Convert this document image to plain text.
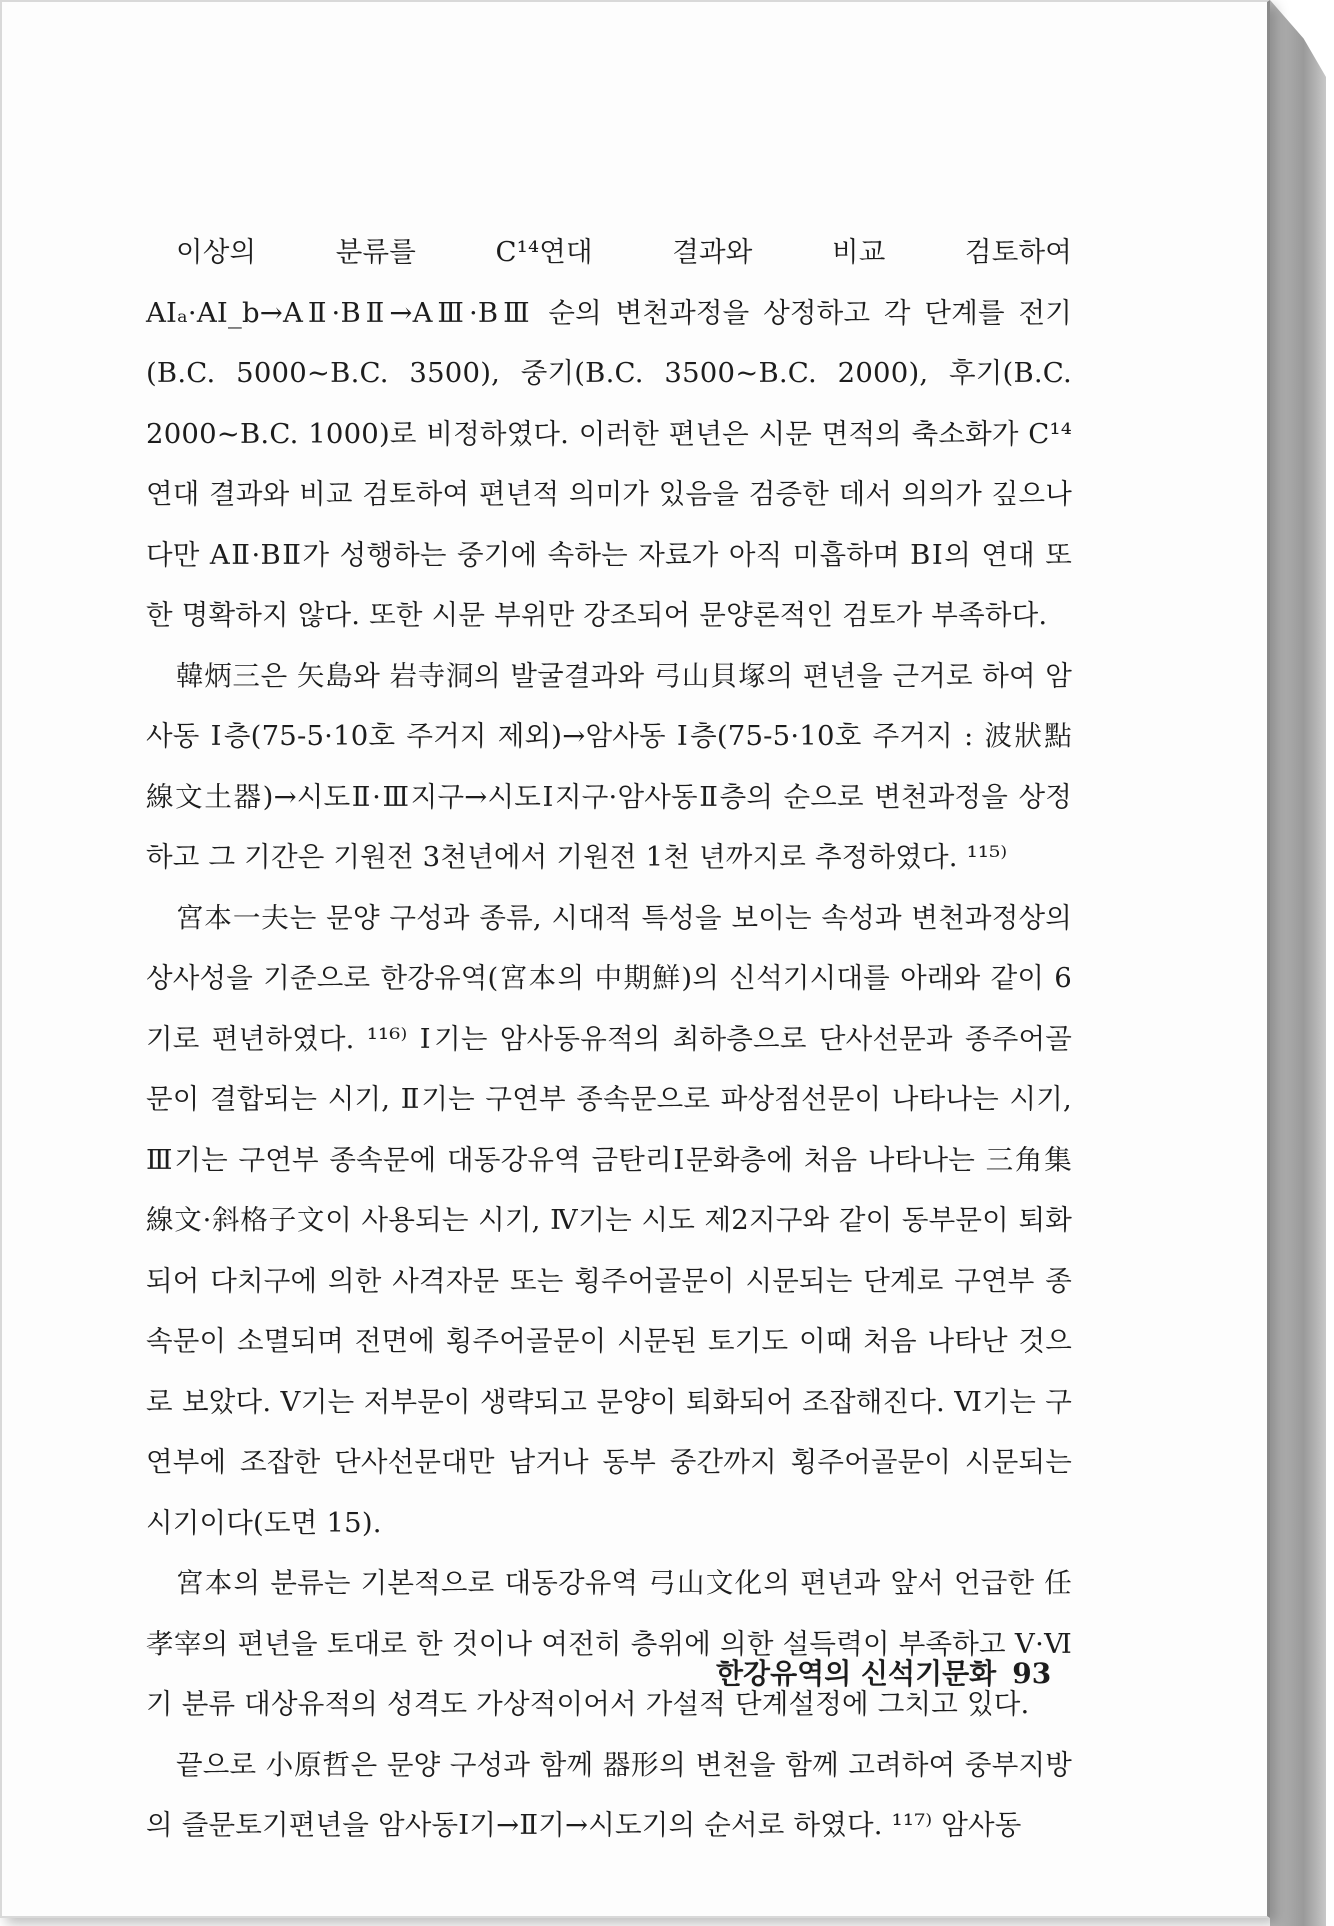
이상의 분류를 C¹⁴연대 결과와 비교 검토하여 AIₐ·AI_b→AⅡ·BⅡ→AⅢ·BⅢ 순의 변천과정을 상정하고 각 단계를 전기(B.C. 5000~B.C. 3500), 중기(B.C. 3500~B.C. 2000), 후기(B.C. 2000~B.C. 1000)로 비정하였다. 이러한 편년은 시문 면적의 축소화가 C¹⁴연대 결과와 비교 검토하여 편년적 의미가 있음을 검증한 데서 의의가 깊으나 다만 AⅡ·BⅡ가 성행하는 중기에 속하는 자료가 아직 미흡하며 BⅠ의 연대 또한 명확하지 않다. 또한 시문 부위만 강조되어 문양론적인 검토가 부족하다.

韓炳三은 矢島와 岩寺洞의 발굴결과와 弓山貝塚의 편년을 근거로 하여 암사동 Ⅰ층(75-5·10호 주거지 제외)→암사동 Ⅰ층(75-5·10호 주거지 : 波狀點線文土器)→시도Ⅱ·Ⅲ지구→시도Ⅰ지구·암사동Ⅱ층의 순으로 변천과정을 상정하고 그 기간은 기원전 3천년에서 기원전 1천 년까지로 추정하였다. ¹¹⁵⁾

宮本一夫는 문양 구성과 종류, 시대적 특성을 보이는 속성과 변천과정상의 상사성을 기준으로 한강유역(宮本의 中期鮮)의 신석기시대를 아래와 같이 6기로 편년하였다. ¹¹⁶⁾ Ⅰ기는 암사동유적의 최하층으로 단사선문과 종주어골문이 결합되는 시기, Ⅱ기는 구연부 종속문으로 파상점선문이 나타나는 시기, Ⅲ기는 구연부 종속문에 대동강유역 금탄리Ⅰ문화층에 처음 나타나는 三角集線文·斜格子文이 사용되는 시기, Ⅳ기는 시도 제2지구와 같이 동부문이 퇴화되어 다치구에 의한 사격자문 또는 횡주어골문이 시문되는 단계로 구연부 종속문이 소멸되며 전면에 횡주어골문이 시문된 토기도 이때 처음 나타난 것으로 보았다. Ⅴ기는 저부문이 생략되고 문양이 퇴화되어 조잡해진다. Ⅵ기는 구연부에 조잡한 단사선문대만 남거나 동부 중간까지 횡주어골문이 시문되는 시기이다(도면 15).

宮本의 분류는 기본적으로 대동강유역 弓山文化의 편년과 앞서 언급한 任孝宰의 편년을 토대로 한 것이나 여전히 층위에 의한 설득력이 부족하고 Ⅴ·Ⅵ기 분류 대상유적의 성격도 가상적이어서 가설적 단계설정에 그치고 있다.

끝으로 小原哲은 문양 구성과 함께 器形의 변천을 함께 고려하여 중부지방의 즐문토기편년을 암사동Ⅰ기→Ⅱ기→시도기의 순서로 하였다. ¹¹⁷⁾ 암사동

한강유역의 신석기문화 93
